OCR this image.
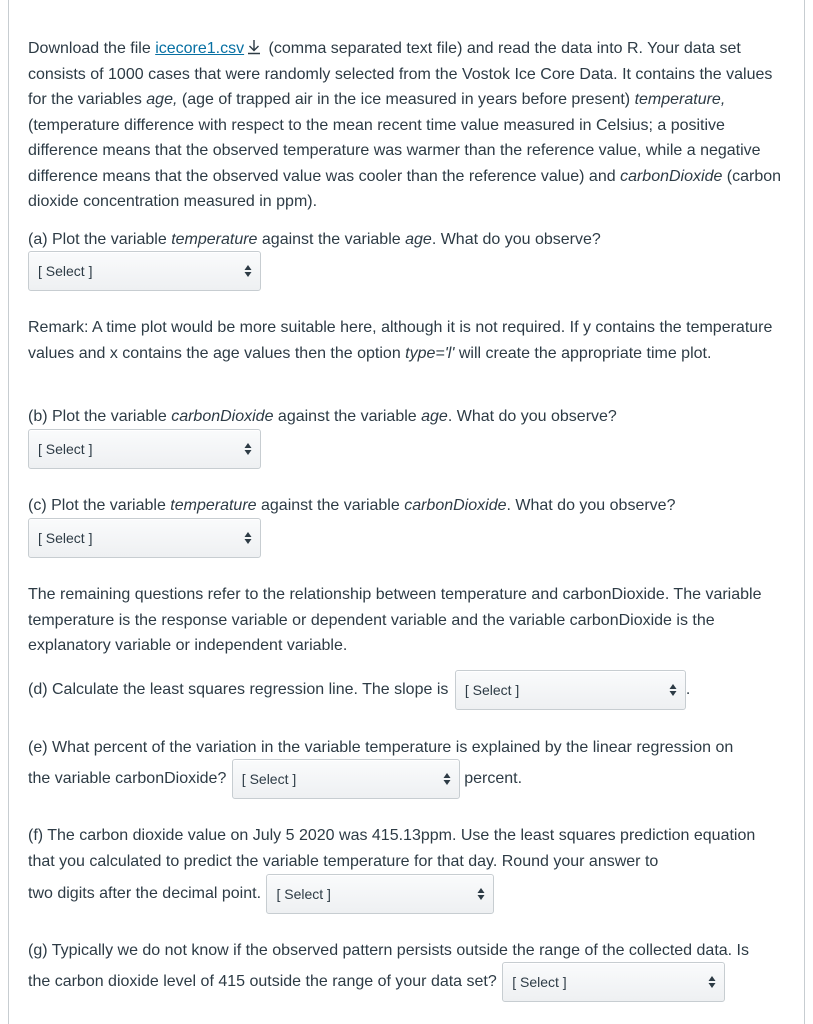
Download the file icecore1.csv (comma separated text file) and read the data into R. Your data set consists of 1000 cases that were randomly selected from the Vostok Ice Core Data. It contains the values for the variables age, (age of trapped air in the ice measured in years before present) temperature, (temperature difference with respect to the mean recent time value measured in Celsius; a positive difference means that the observed temperature was warmer than the reference value, while a negative difference means that the observed value was cooler than the reference value) and carbonDioxide (carbon dioxide concentration measured in ppm).

(a) Plot the variable temperature against the variable age. What do you observe?

[ Select ]

Remark: A time plot would be more suitable here, although it is not required. If y contains the temperature values and x contains the age values then the option type='l' will create the appropriate time plot.

(b) Plot the variable carbonDioxide against the variable age. What do you observe?

[ Select ]

(c) Plot the variable temperature against the variable carbonDioxide. What do you observe?

[ Select ]

The remaining questions refer to the relationship between temperature and carbonDioxide. The variable temperature is the response variable or dependent variable and the variable carbonDioxide is the explanatory variable or independent variable.

(d) Calculate the least squares regression line. The slope is [ Select ]	.

(e) What percent of the variation in the variable temperature is explained by the linear regression on

the variable carbonDioxide? [ Select ]	percent.

(f) The carbon dioxide value on July 5 2020 was 415.13ppm. Use the least squares prediction equation that you calculated to predict the variable temperature for that day. Round your answer to

two digits after the decimal point. [ Select ]

(g) Typically we do not know if the observed pattern persists outside the range of the collected data. Is

the carbon dioxide level of 415 outside the range of your data set? [ Select ]
